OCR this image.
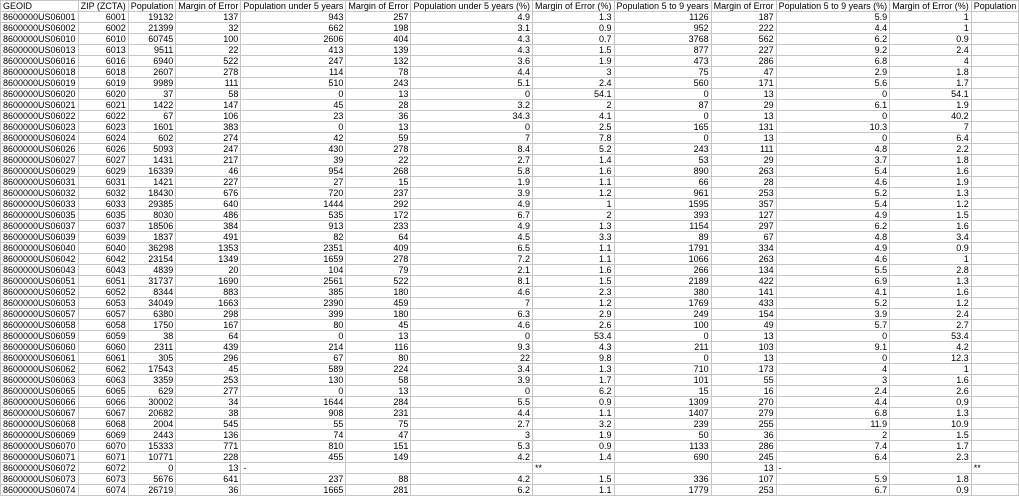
GEOID	ZIP (ZCTA)	Population	Margin of Error	Population under 5 years	Margin of Error	Population under 5 years (%)	Margin of Error (%)	Population 5 to 9 years	Margin of Error	Population 5 to 9 years (%)	Margin of Error (%)	Population
8600000US06001	6001	19132	137	943	257	4.9	1.3	1126	187	5.9	1	
8600000US06002	6002	21399	32	662	198	3.1	0.9	952	222	4.4	1	
8600000US06010	6010	60745	100	2606	404	4.3	0.7	3768	562	6.2	0.9	
8600000US06013	6013	9511	22	413	139	4.3	1.5	877	227	9.2	2.4	
8600000US06016	6016	6940	522	247	132	3.6	1.9	473	286	6.8	4	
8600000US06018	6018	2607	278	114	78	4.4	3	75	47	2.9	1.8	
8600000US06019	6019	9989	111	510	243	5.1	2.4	560	171	5.6	1.7	
8600000US06020	6020	37	58	0	13	0	54.1	0	13	0	54.1	
8600000US06021	6021	1422	147	45	28	3.2	2	87	29	6.1	1.9	
8600000US06022	6022	67	106	23	36	34.3	4.1	0	13	0	40.2	
8600000US06023	6023	1601	383	0	13	0	2.5	165	131	10.3	7	
8600000US06024	6024	602	274	42	59	7	7.8	0	13	0	6.4	
8600000US06026	6026	5093	247	430	278	8.4	5.2	243	111	4.8	2.2	
8600000US06027	6027	1431	217	39	22	2.7	1.4	53	29	3.7	1.8	
8600000US06029	6029	16339	46	954	268	5.8	1.6	890	263	5.4	1.6	
8600000US06031	6031	1421	227	27	15	1.9	1.1	66	28	4.6	1.9	
8600000US06032	6032	18430	676	720	237	3.9	1.2	961	253	5.2	1.3	
8600000US06033	6033	29385	640	1444	292	4.9	1	1595	357	5.4	1.2	
8600000US06035	6035	8030	486	535	172	6.7	2	393	127	4.9	1.5	
8600000US06037	6037	18506	384	913	233	4.9	1.3	1154	297	6.2	1.6	
8600000US06039	6039	1837	491	82	64	4.5	3.3	89	67	4.8	3.4	
8600000US06040	6040	36298	1353	2351	409	6.5	1.1	1791	334	4.9	0.9	
8600000US06042	6042	23154	1349	1659	278	7.2	1.1	1066	263	4.6	1	
8600000US06043	6043	4839	20	104	79	2.1	1.6	266	134	5.5	2.8	
8600000US06051	6051	31737	1690	2561	522	8.1	1.5	2189	422	6.9	1.3	
8600000US06052	6052	8344	883	385	180	4.6	2.3	380	141	4.1	1.6	
8600000US06053	6053	34049	1663	2390	459	7	1.2	1769	433	5.2	1.2	
8600000US06057	6057	6380	298	399	180	6.3	2.9	249	154	3.9	2.4	
8600000US06058	6058	1750	167	80	45	4.6	2.6	100	49	5.7	2.7	
8600000US06059	6059	38	64	0	13	0	53.4	0	13	0	53.4	
8600000US06060	6060	2311	439	214	116	9.3	4.3	211	103	9.1	4.2	
8600000US06061	6061	305	296	67	80	22	9.8	0	13	0	12.3	
8600000US06062	6062	17543	45	589	224	3.4	1.3	710	173	4	1	
8600000US06063	6063	3359	253	130	58	3.9	1.7	101	55	3	1.6	
8600000US06065	6065	629	277	0	13	0	6.2	15	16	2.4	2.6	
8600000US06066	6066	30002	34	1644	284	5.5	0.9	1309	270	4.4	0.9	
8600000US06067	6067	20682	38	908	231	4.4	1.1	1407	279	6.8	1.3	
8600000US06068	6068	2004	545	55	75	2.7	3.2	239	255	11.9	10.9	
8600000US06069	6069	2443	136	74	47	3	1.9	50	36	2	1.5	
8600000US06070	6070	15333	771	810	151	5.3	0.9	1133	286	7.4	1.7	
8600000US06071	6071	10771	228	455	149	4.2	1.4	690	245	6.4	2.3	
8600000US06072	6072	0	13	-			**		13	-		**
8600000US06073	6073	5676	641	237	88	4.2	1.5	336	107	5.9	1.8	
8600000US06074	6074	26719	36	1665	281	6.2	1.1	1779	253	6.7	0.9	
